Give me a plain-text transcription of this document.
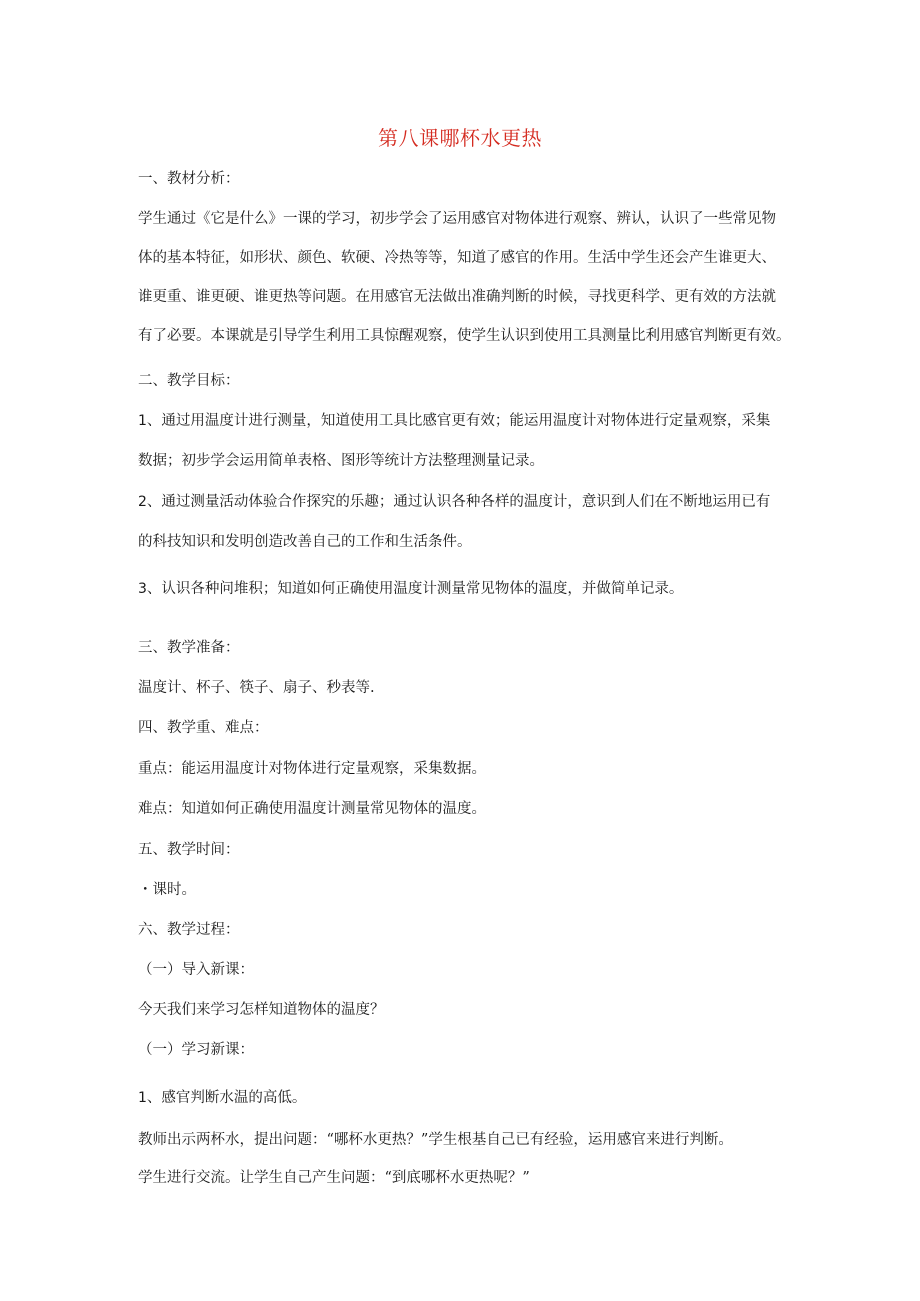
第八课哪杯水更热
一、教材分析：
学生通过《它是什么》一课的学习，初步学会了运用感官对物体进行观察、辨认，认识了一些常见物
体的基本特征，如形状、颜色、软硬、冷热等等，知道了感官的作用。生活中学生还会产生谁更大、
谁更重、谁更硬、谁更热等问题。在用感官无法做出准确判断的时候，寻找更科学、更有效的方法就
有了必要。本课就是引导学生利用工具惊醒观察，使学生认识到使用工具测量比利用感官判断更有效。
二、教学目标：
1、通过用温度计进行测量，知道使用工具比感官更有效；能运用温度计对物体进行定量观察，采集
数据；初步学会运用简单表格、图形等统计方法整理测量记录。
2、通过测量活动体验合作探究的乐趣；通过认识各种各样的温度计，意识到人们在不断地运用已有
的科技知识和发明创造改善自己的工作和生活条件。
3、认识各种问堆积；知道如何正确使用温度计测量常见物体的温度，并做简单记录。
三、教学准备：
温度计、杯子、筷子、扇子、秒表等.
四、教学重、难点：
重点：能运用温度计对物体进行定量观察，采集数据。
难点：知道如何正确使用温度计测量常见物体的温度。
五、教学时间：
・课时。
六、教学过程：
（一）导入新课：
今天我们来学习怎样知道物体的温度？
（一）学习新课：
1、感官判断水温的高低。
教师出示两杯水，提出问题：“哪杯水更热？”学生根基自己已有经验，运用感官来进行判断。
学生进行交流。让学生自己产生问题：“到底哪杯水更热呢？”
